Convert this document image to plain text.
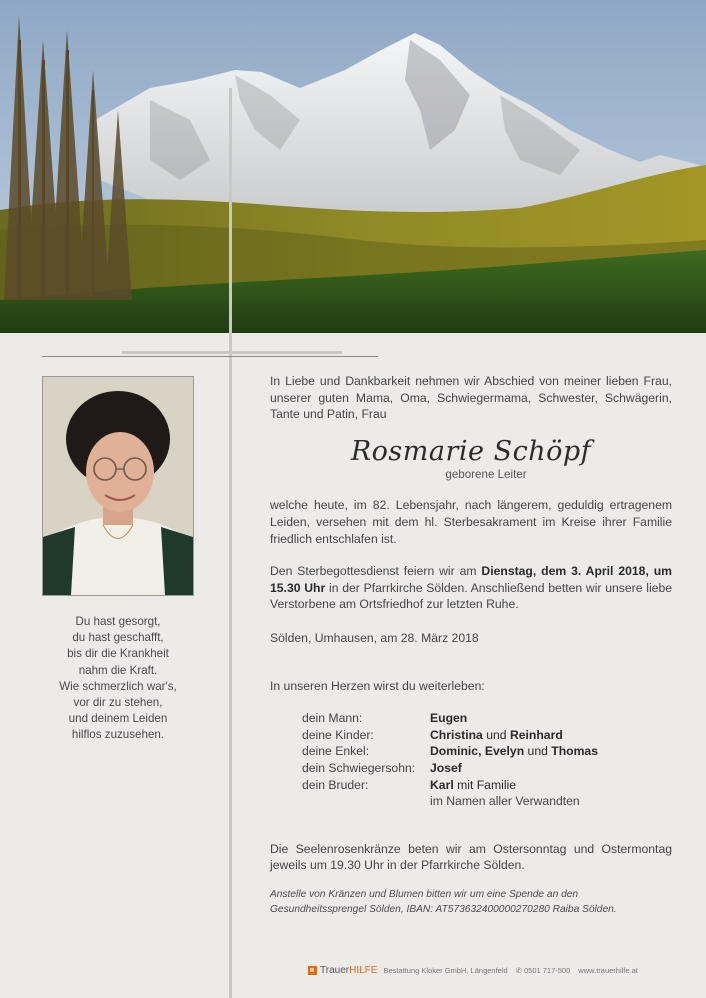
Du hast gesorgt,
du hast geschafft,
bis dir die Krankheit
nahm die Kraft.
Wie schmerzlich war's,
vor dir zu stehen,
und deinem Leiden
hilflos zuzusehen.

In Liebe und Dankbarkeit nehmen wir Abschied von meiner lieben Frau, unserer guten Mama, Oma, Schwiegermama, Schwester, Schwägerin, Tante und Patin, Frau

Rosmarie Schöpf
geborene Leiter

welche heute, im 82. Lebensjahr, nach längerem, geduldig ertragenem Leiden, versehen mit dem hl. Sterbesakrament im Kreise ihrer Familie friedlich entschlafen ist.

Den Sterbegottesdienst feiern wir am Dienstag, dem 3. April 2018, um 15.30 Uhr in der Pfarrkirche Sölden. Anschließend betten wir unsere liebe Verstorbene am Ortsfriedhof zur letzten Ruhe.

Sölden, Umhausen, am 28. März 2018

In unseren Herzen wirst du weiterleben:

dein Mann:	Eugen
deine Kinder:	Christina und Reinhard
deine Enkel:	Dominic, Evelyn und Thomas
dein Schwiegersohn:	Josef
dein Bruder:	Karl mit Familie
	im Namen aller Verwandten

Die Seelenrosenkränze beten wir am Ostersonntag und Ostermontag jeweils um 19.30 Uhr in der Pfarrkirche Sölden.

Anstelle von Kränzen und Blumen bitten wir um eine Spende an den Gesundheitssprengel Sölden, IBAN: AT573632400000270280 Raiba Sölden.

Trauer HILFE Bestattung Kloker GmbH, Längenfeld ✆ 0501 717-500 www.trauerhilfe.at
